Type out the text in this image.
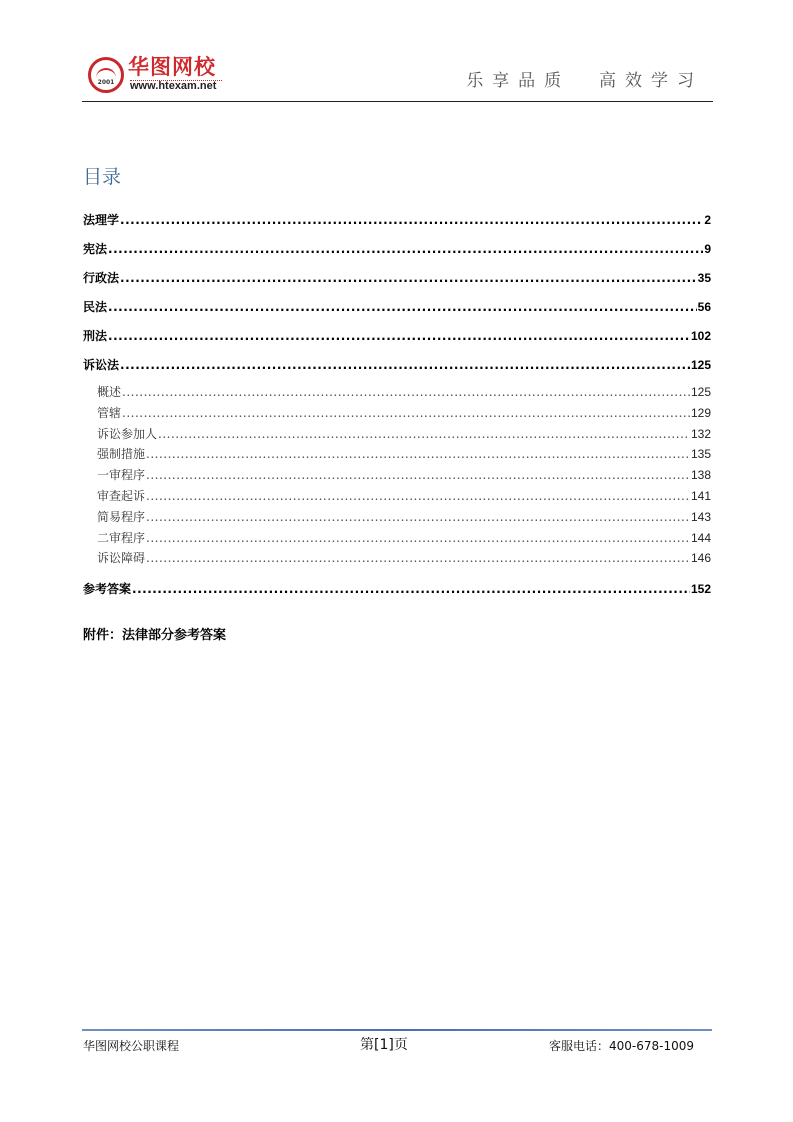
2001
华图网校
www.htexam.net	乐享品质  高效学习
目录
法理学 .....	2
宪法 .....	9
行政法 .....	35
民法 .....	56
刑法 .....	102
诉讼法 .....	125
概述 .....	125
管辖 .....	129
诉讼参加人 .....	132
强制措施 .....	135
一审程序 .....	138
审查起诉 .....	141
简易程序 .....	143
二审程序 .....	144
诉讼障碍 .....	146
参考答案 .....	152
附件：法律部分参考答案
华图网校公职课程	第[1]页	客服电话：400-678-1009
